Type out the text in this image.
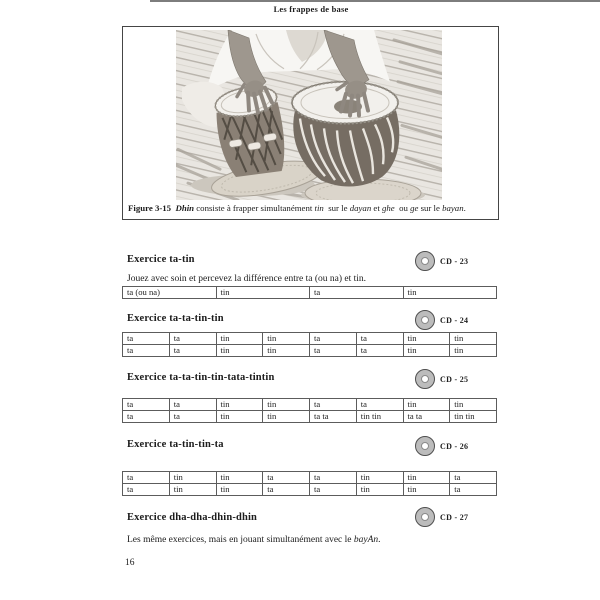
Les frappes de base
Figure 3-15  Dhin consiste à frapper simultanément tin  sur le dayan et ghe  ou ge sur le bayan.
Exercice ta-tin	CD - 23
Jouez avec soin et percevez la différence entre ta (ou na) et tin.
ta (ou na)	tin	ta	tin
Exercice ta-ta-tin-tin	CD - 24
ta	ta	tin	tin	ta	ta	tin	tin
ta	ta	tin	tin	ta	ta	tin	tin
Exercice ta-ta-tin-tin-tata-tintin	CD - 25
ta	ta	tin	tin	ta	ta	tin	tin
ta	ta	tin	tin	ta ta	tin tin	ta ta	tin tin
Exercice ta-tin-tin-ta	CD - 26
ta	tin	tin	ta	ta	tin	tin	ta
ta	tin	tin	ta	ta	tin	tin	ta
Exercice dha-dha-dhin-dhin	CD - 27
Les même exercices, mais en jouant simultanément avec le bayAn.
16
